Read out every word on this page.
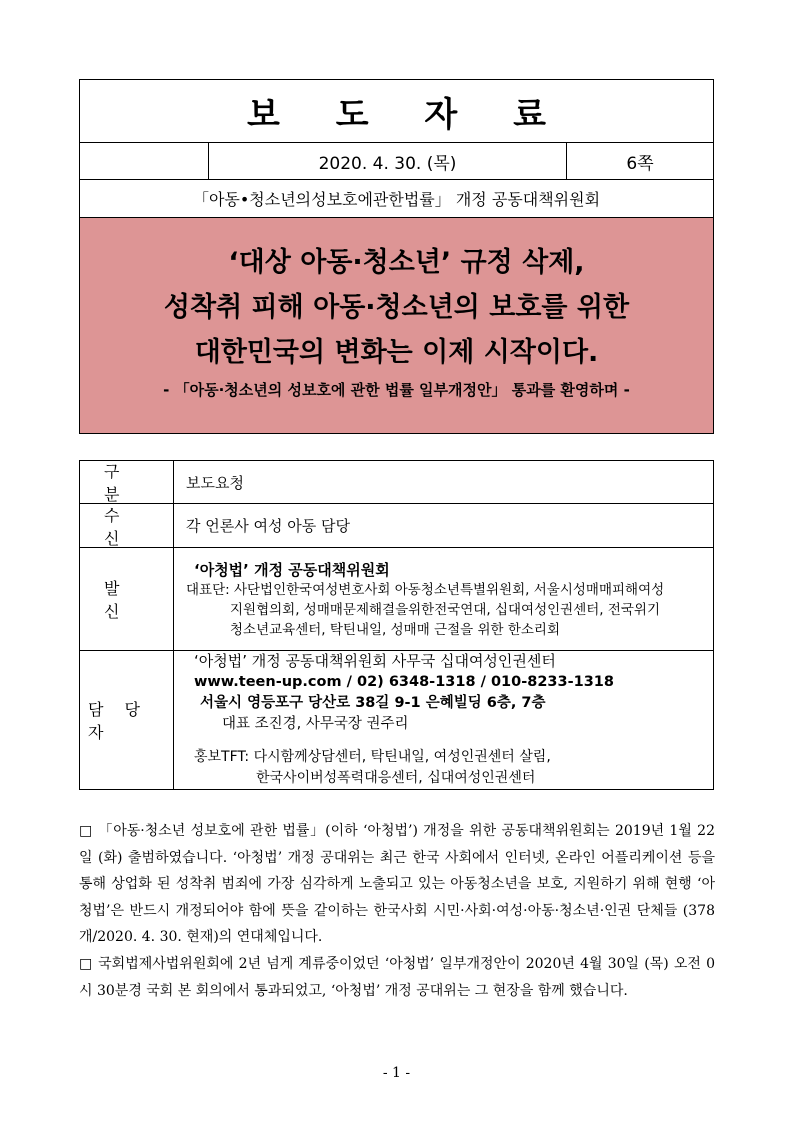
보 도 자 료
2020. 4. 30. (목)	6쪽
「아동•청소년의성보호에관한법률」 개정 공동대책위원회
‘대상 아동·청소년’ 규정 삭제,
성착취 피해 아동·청소년의 보호를 위한
대한민국의 변화는 이제 시작이다.
- 「아동·청소년의 성보호에 관한 법률 일부개정안」 통과를 환영하며 -
구 분
보도요청
수 신
각 언론사 여성 아동 담당
발 신
‘아청법’ 개정 공동대책위원회
대표단: 사단법인한국여성변호사회 아동청소년특별위원회, 서울시성매매피해여성
지원협의회, 성매매문제해결을위한전국연대, 십대여성인권센터, 전국위기
청소년교육센터, 탁틴내일, 성매매 근절을 위한 한소리회
담 당 자
‘아청법’ 개정 공동대책위원회 사무국 십대여성인권센터
www.teen-up.com / 02) 6348-1318 / 010-8233-1318
서울시 영등포구 당산로 38길 9-1 은혜빌딩 6층, 7층
대표 조진경, 사무국장 권주리
홍보TFT: 다시함께상담센터, 탁틴내일, 여성인권센터 살림,
한국사이버성폭력대응센터, 십대여성인권센터

□ 「아동·청소년 성보호에 관한 법률」(이하 ‘아청법’) 개정을 위한 공동대책위원회는 2019년 1월 22일 (화) 출범하였습니다. ‘아청법’ 개정 공대위는 최근 한국 사회에서 인터넷, 온라인 어플리케이션 등을 통해 상업화 된 성착취 범죄에 가장 심각하게 노출되고 있는 아동청소년을 보호, 지원하기 위해 현행 ‘아청법’은 반드시 개정되어야 함에 뜻을 같이하는 한국사회 시민·사회·여성·아동·청소년·인권 단체들 (378개/2020. 4. 30. 현재)의 연대체입니다.

□ 국회법제사법위원회에 2년 넘게 계류중이었던 ‘아청법’ 일부개정안이 2020년 4월 30일 (목) 오전 0시 30분경 국회 본 회의에서 통과되었고, ‘아청법’ 개정 공대위는 그 현장을 함께 했습니다.

- 1 -
